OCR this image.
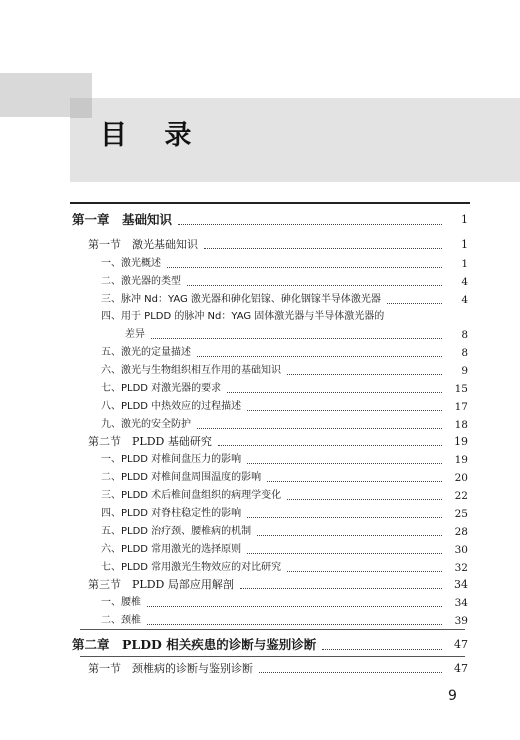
目 录
第一章　基础知识	1
第一节　激光基础知识	1
一、激光概述	1
二、激光器的类型	4
三、脉冲 Nd：YAG 激光器和砷化铝镓、砷化铟镓半导体激光器	4
四、用于 PLDD 的脉冲 Nd：YAG 固体激光器与半导体激光器的
差异	8
五、激光的定量描述	8
六、激光与生物组织相互作用的基础知识	9
七、PLDD 对激光器的要求	15
八、PLDD 中热效应的过程描述	17
九、激光的安全防护	18
第二节　PLDD 基础研究	19
一、PLDD 对椎间盘压力的影响	19
二、PLDD 对椎间盘周围温度的影响	20
三、PLDD 术后椎间盘组织的病理学变化	22
四、PLDD 对脊柱稳定性的影响	25
五、PLDD 治疗颈、腰椎病的机制	28
六、PLDD 常用激光的选择原则	30
七、PLDD 常用激光生物效应的对比研究	32
第三节　PLDD 局部应用解剖	34
一、腰椎	34
二、颈椎	39
第二章　PLDD 相关疾患的诊断与鉴别诊断	47
第一节　颈椎病的诊断与鉴别诊断	47
9
